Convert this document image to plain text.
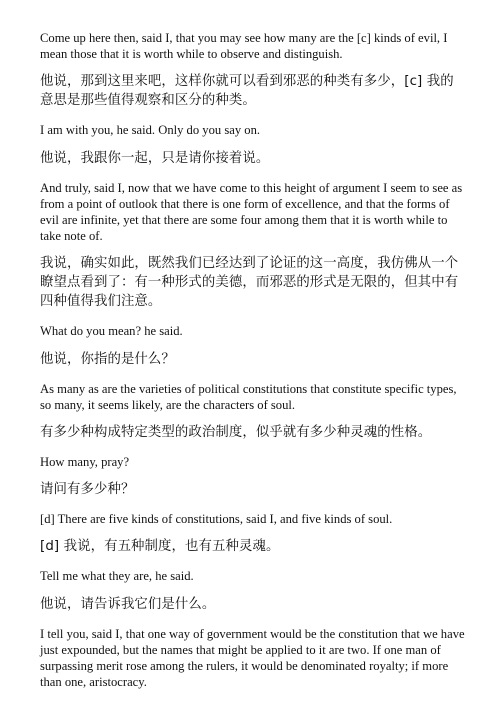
Come up here then, said I, that you may see how many are the [c] kinds of evil, I mean those that it is worth while to observe and distinguish.

他说，那到这里来吧，这样你就可以看到邪恶的种类有多少，[c] 我的意思是那些值得观察和区分的种类。

I am with you, he said. Only do you say on.

他说，我跟你一起，只是请你接着说。

And truly, said I, now that we have come to this height of argument I seem to see as from a point of outlook that there is one form of excellence, and that the forms of evil are infinite, yet that there are some four among them that it is worth while to take note of.

我说，确实如此，既然我们已经达到了论证的这一高度，我仿佛从一个瞭望点看到了：有一种形式的美德，而邪恶的形式是无限的，但其中有四种值得我们注意。

What do you mean? he said.

他说，你指的是什么？

As many as are the varieties of political constitutions that constitute specific types, so many, it seems likely, are the characters of soul.

有多少种构成特定类型的政治制度，似乎就有多少种灵魂的性格。

How many, pray?

请问有多少种？

[d] There are five kinds of constitutions, said I, and five kinds of soul.

[d] 我说，有五种制度，也有五种灵魂。

Tell me what they are, he said.

他说，请告诉我它们是什么。

I tell you, said I, that one way of government would be the constitution that we have just expounded, but the names that might be applied to it are two. If one man of surpassing merit rose among the rulers, it would be denominated royalty; if more than one, aristocracy.
